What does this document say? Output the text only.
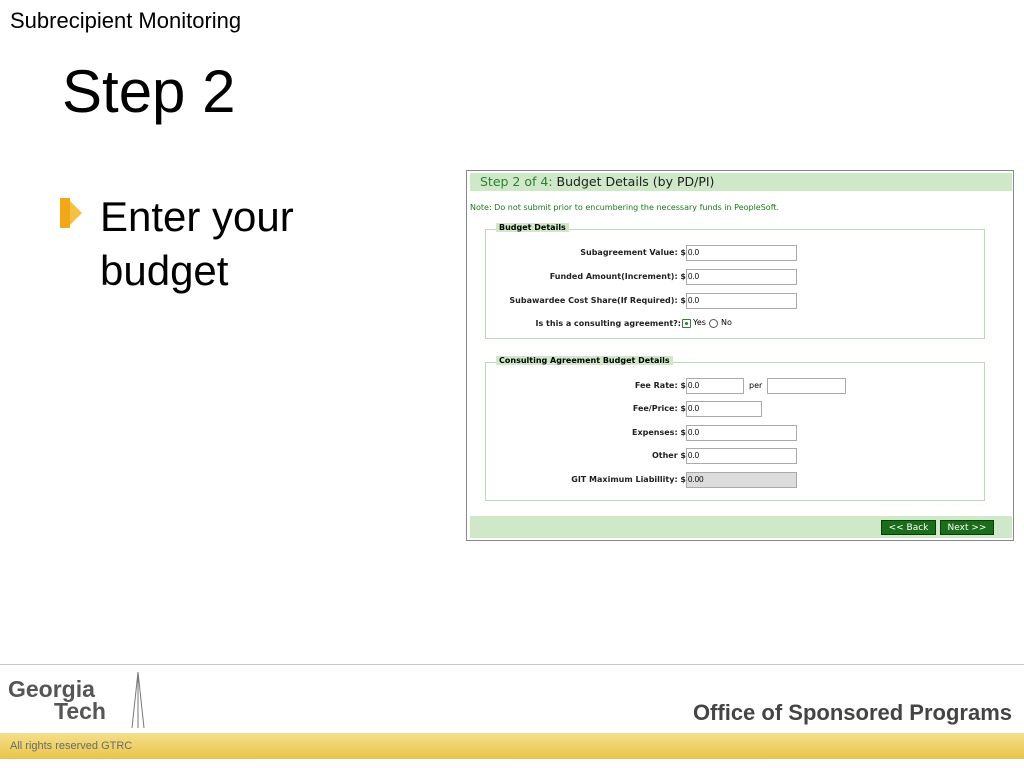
Subrecipient Monitoring
Step 2
Enter your budget
Step 2 of 4: Budget Details (by PD/PI)
Note: Do not submit prior to encumbering the necessary funds in PeopleSoft.
Budget Details
Subagreement Value: $ 0.0
Funded Amount(Increment): $ 0.0
Subawardee Cost Share(If Required): $ 0.0
Is this a consulting agreement?: Yes No
Consulting Agreement Budget Details
Fee Rate: $ 0.0	per
Fee/Price: $ 0.0
Expenses: $ 0.0
Other $ 0.0
GIT Maximum Liabillity: $ 0.00
<< Back	Next >>
Georgia
Tech	Office of Sponsored Programs
All rights reserved GTRC
